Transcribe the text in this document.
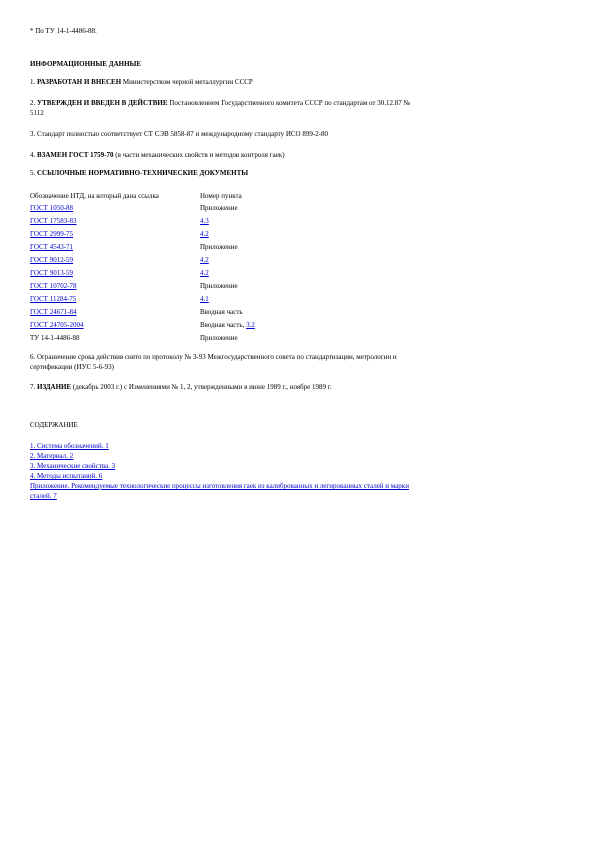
* По ТУ 14-1-4486-88.
ИНФОРМАЦИОННЫЕ ДАННЫЕ
1. РАЗРАБОТАН И ВНЕСЕН Министерством черной металлургии СССР
2. УТВЕРЖДЕН И ВВЕДЕН В ДЕЙСТВИЕ Постановлением Государственного комитета СССР по стандартам от 30.12.87 №
5112
3. Стандарт полностью соответствует СТ СЭВ 5858-87 и международному стандарту ИСО 899-2-80
4. ВЗАМЕН ГОСТ 1759-70 (в части механических свойств и методов контроля гаек)
5. ССЫЛОЧНЫЕ НОРМАТИВНО-ТЕХНИЧЕСКИЕ ДОКУМЕНТЫ
Обозначение НТД, на который дана ссылка	Номер пункта
ГОСТ 1050-88	Приложение
ГОСТ 17583-83	4.3
ГОСТ 2999-75	4.2
ГОСТ 4543-71	Приложение
ГОСТ 9012-59	4.2
ГОСТ 9013-59	4.2
ГОСТ 10702-78	Приложение
ГОСТ 11284-75	4.1
ГОСТ 24671-84	Вводная часть
ГОСТ 24705-2004	Вводная часть, 3.2
ТУ 14-1-4486-88	Приложение
6. Ограничение срока действия снято по протоколу № 3-93 Межгосударственного совета по стандартизации, метрологии и
сертификации (ИУС 5-6-93)
7. ИЗДАНИЕ (декабрь 2003 г.) с Изменениями № 1, 2, утвержденными в июне 1989 г., ноябре 1989 г.
СОДЕРЖАНИЕ
1. Система обозначений. 1
2. Материал. 2
3. Механические свойства. 3
4. Методы испытаний. 6
Приложение. Рекомендуемые технологические процессы изготовления гаек из калиброванных и легированных сталей и марки
сталей. 7
